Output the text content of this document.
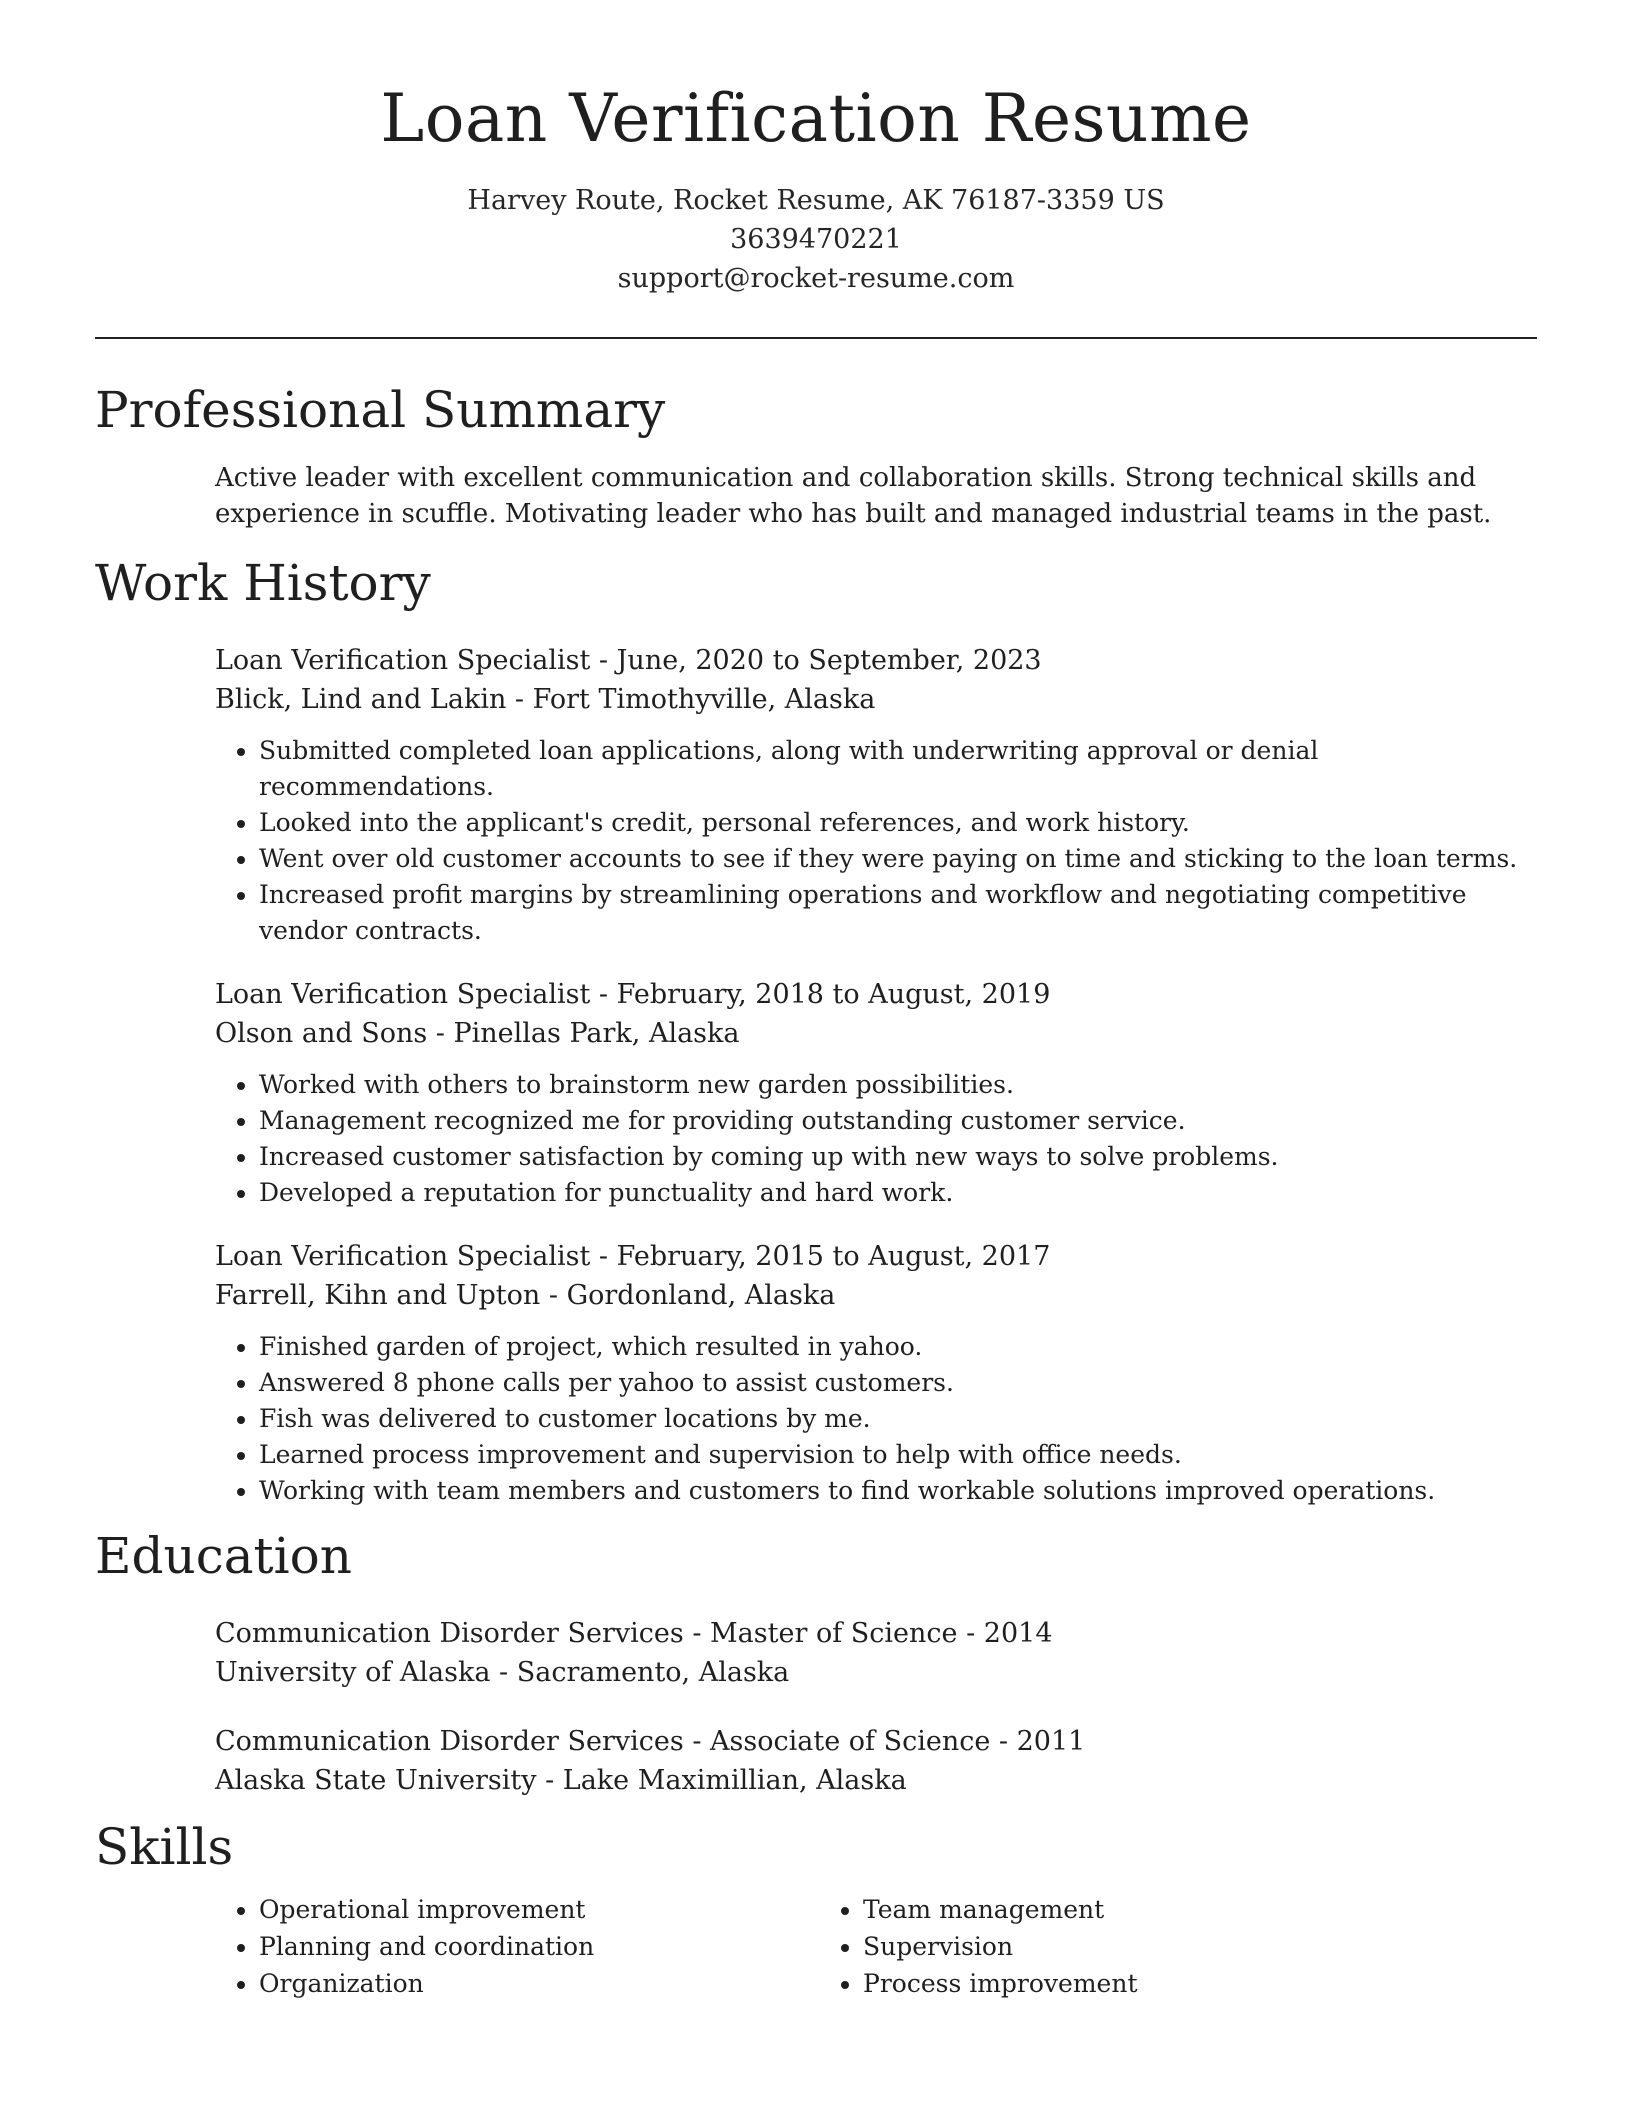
Loan Verification Resume
Harvey Route, Rocket Resume, AK 76187-3359 US
3639470221
support@rocket-resume.com
Professional Summary

Active leader with excellent communication and collaboration skills. Strong technical skills and experience in scuffle. Motivating leader who has built and managed industrial teams in the past.

Work History
Loan Verification Specialist - June, 2020 to September, 2023
Blick, Lind and Lakin - Fort Timothyville, Alaska
• Submitted completed loan applications, along with underwriting approval or denial recommendations.
• Looked into the applicant's credit, personal references, and work history.
• Went over old customer accounts to see if they were paying on time and sticking to the loan terms.
• Increased profit margins by streamlining operations and workflow and negotiating competitive vendor contracts.
Loan Verification Specialist - February, 2018 to August, 2019
Olson and Sons - Pinellas Park, Alaska
• Worked with others to brainstorm new garden possibilities.
• Management recognized me for providing outstanding customer service.
• Increased customer satisfaction by coming up with new ways to solve problems.
• Developed a reputation for punctuality and hard work.
Loan Verification Specialist - February, 2015 to August, 2017
Farrell, Kihn and Upton - Gordonland, Alaska
• Finished garden of project, which resulted in yahoo.
• Answered 8 phone calls per yahoo to assist customers.
• Fish was delivered to customer locations by me.
• Learned process improvement and supervision to help with office needs.
• Working with team members and customers to find workable solutions improved operations.
Education
Communication Disorder Services - Master of Science - 2014
University of Alaska - Sacramento, Alaska
Communication Disorder Services - Associate of Science - 2011
Alaska State University - Lake Maximillian, Alaska
Skills
• Operational improvement
• Planning and coordination
• Organization
• Team management
• Supervision
• Process improvement
